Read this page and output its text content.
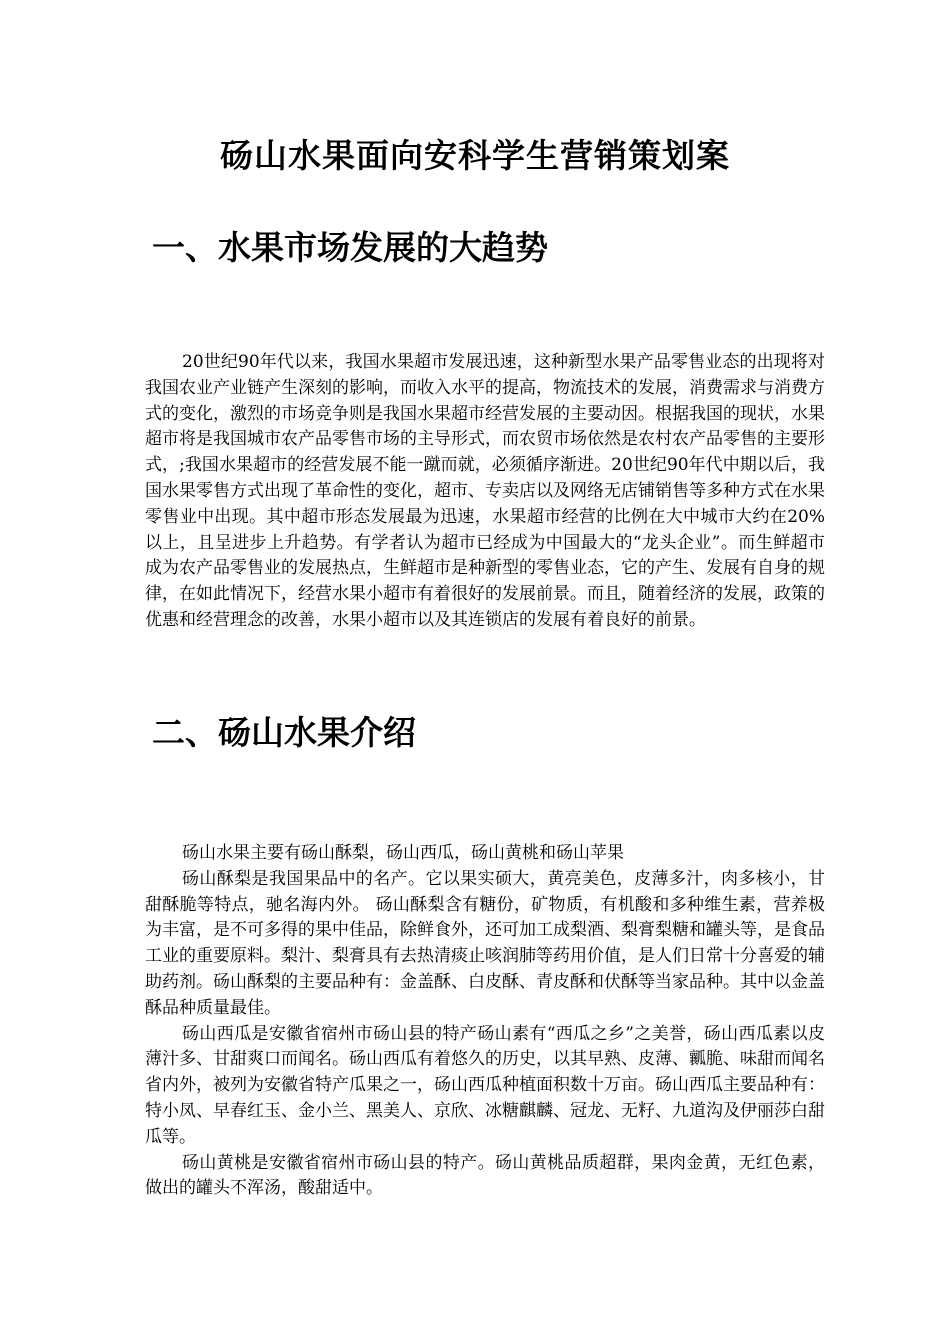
砀山水果面向安科学生营销策划案
一、水果市场发展的大趋势

20世纪90年代以来，我国水果超市发展迅速，这种新型水果产品零售业态的出现将对我国农业产业链产生深刻的影响，而收入水平的提高，物流技术的发展，消费需求与消费方式的变化，激烈的市场竞争则是我国水果超市经营发展的主要动因。根据我国的现状，水果超市将是我国城市农产品零售市场的主导形式，而农贸市场依然是农村农产品零售的主要形式，;我国水果超市的经营发展不能一蹴而就，必须循序渐进。20世纪90年代中期以后，我国水果零售方式出现了革命性的变化，超市、专卖店以及网络无店铺销售等多种方式在水果零售业中出现。其中超市形态发展最为迅速，水果超市经营的比例在大中城市大约在20%以上，且呈进步上升趋势。有学者认为超市已经成为中国最大的“龙头企业”。而生鲜超市成为农产品零售业的发展热点，生鲜超市是种新型的零售业态，它的产生、发展有自身的规律，在如此情况下，经营水果小超市有着很好的发展前景。而且，随着经济的发展，政策的优惠和经营理念的改善，水果小超市以及其连锁店的发展有着良好的前景。

二、砀山水果介绍

砀山水果主要有砀山酥梨，砀山西瓜，砀山黄桃和砀山苹果

砀山酥梨是我国果品中的名产。它以果实硕大，黄亮美色，皮薄多汁，肉多核小，甘甜酥脆等特点，驰名海内外。 砀山酥梨含有糖份，矿物质，有机酸和多种维生素，营养极为丰富，是不可多得的果中佳品，除鲜食外，还可加工成梨酒、梨膏梨糖和罐头等，是食品工业的重要原料。梨汁、梨膏具有去热清痰止咳润肺等药用价值，是人们日常十分喜爱的辅助药剂。砀山酥梨的主要品种有：金盖酥、白皮酥、青皮酥和伏酥等当家品种。其中以金盖酥品种质量最佳。

砀山西瓜是安徽省宿州市砀山县的特产砀山素有“西瓜之乡”之美誉，砀山西瓜素以皮薄汁多、甘甜爽口而闻名。砀山西瓜有着悠久的历史，以其早熟、皮薄、瓤脆、味甜而闻名省内外，被列为安徽省特产瓜果之一，砀山西瓜种植面积数十万亩。砀山西瓜主要品种有：特小凤、早春红玉、金小兰、黑美人、京欣、冰糖麒麟、冠龙、无籽、九道沟及伊丽莎白甜瓜等。

砀山黄桃是安徽省宿州市砀山县的特产。砀山黄桃品质超群，果肉金黄，无红色素，做出的罐头不浑汤，酸甜适中。
